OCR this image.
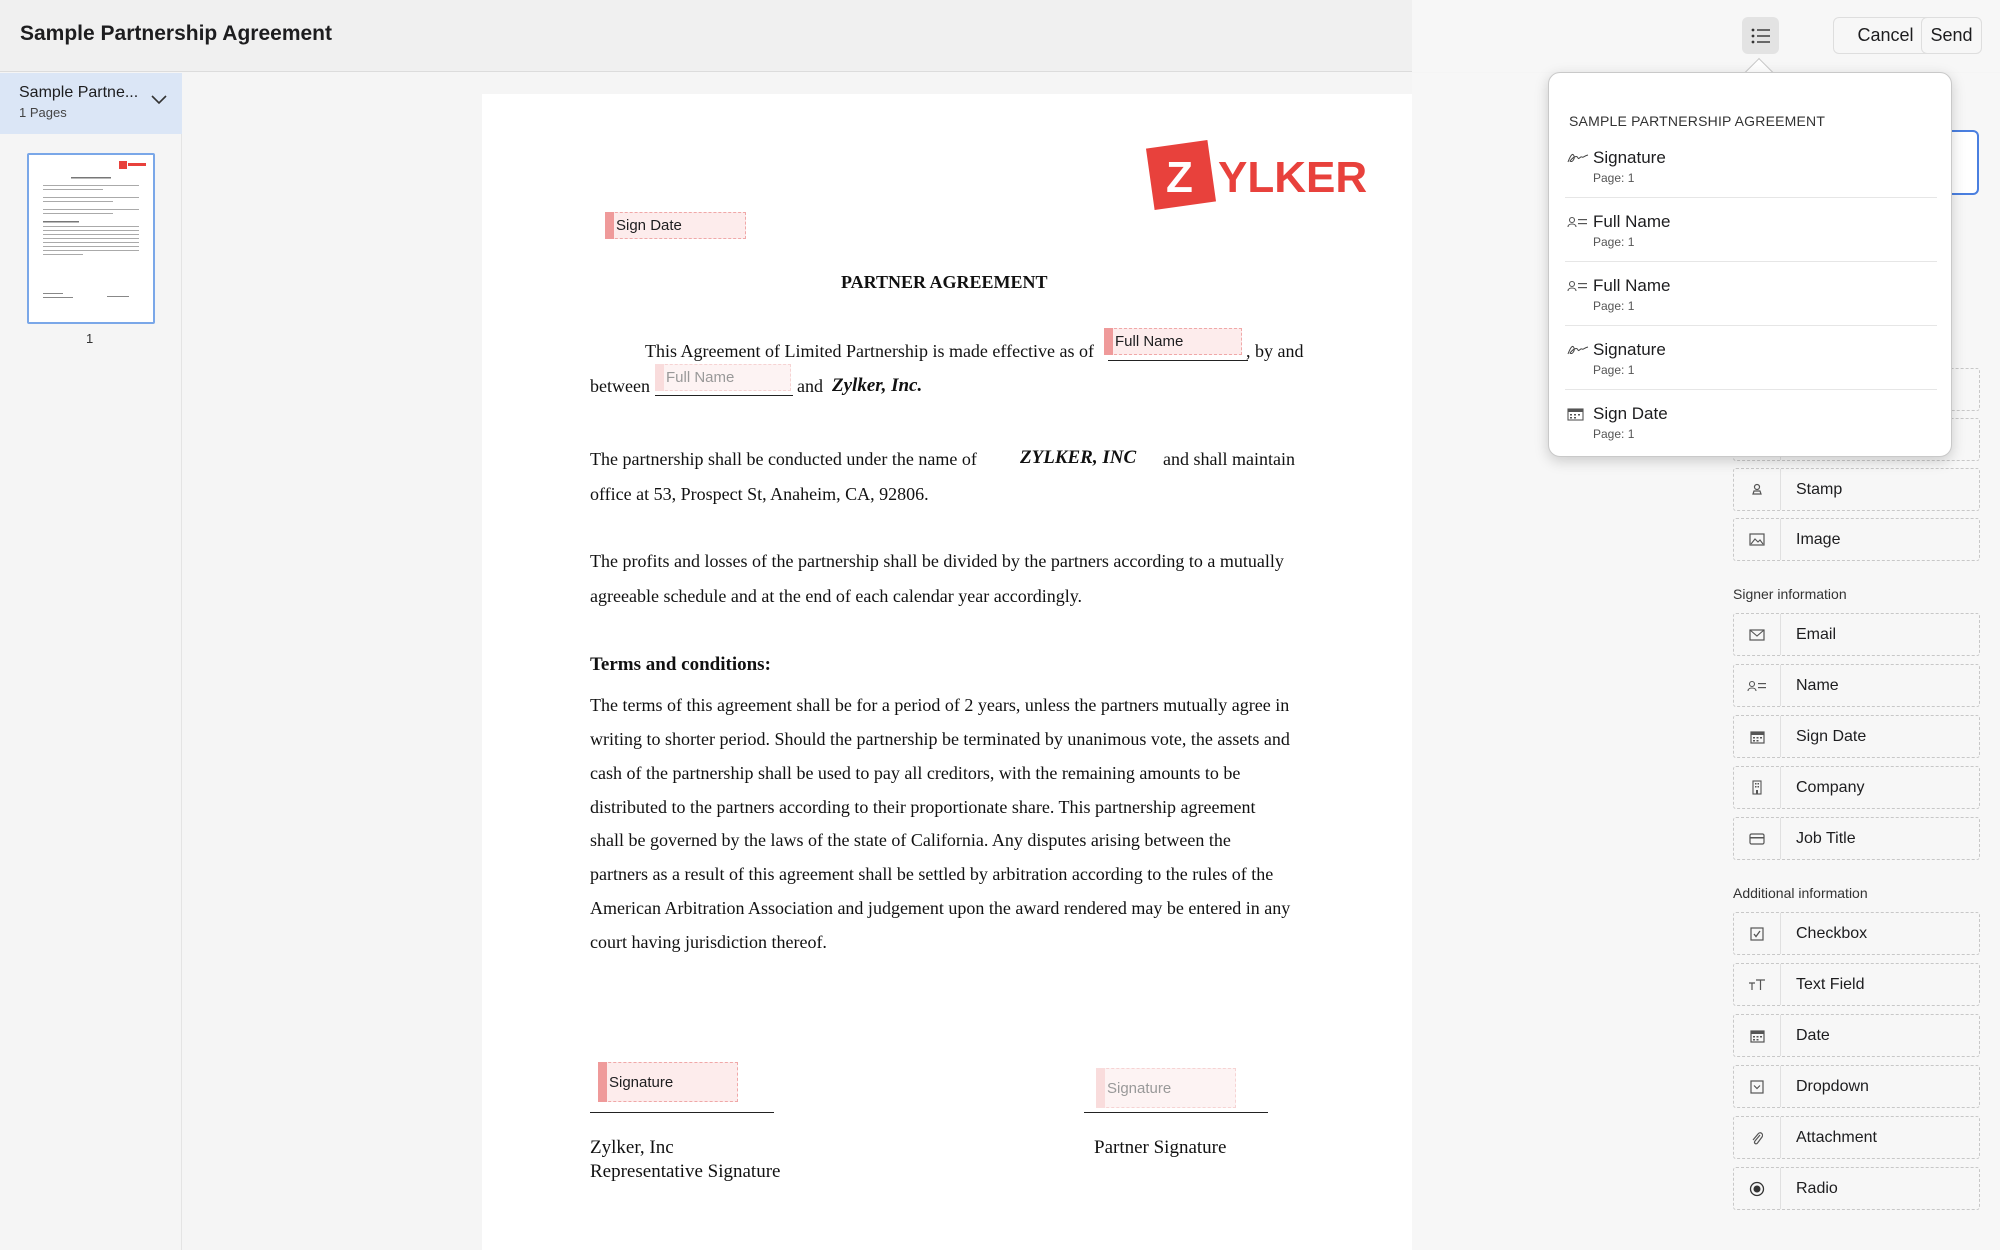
Sample Partnership Agreement	Cancel Send
Sample Partne...
1 Pages
1
Z YLKER
Sign Date
PARTNER AGREEMENT
This Agreement of Limited Partnership is made effective as of Full Name	, by and
between Full Name	and Zylker, Inc.
The partnership shall be conducted under the name of ZYLKER, INC and shall maintain
office at 53, Prospect St, Anaheim, CA, 92806.
The profits and losses of the partnership shall be divided by the partners according to a mutually
agreeable schedule and at the end of each calendar year accordingly.
Terms and conditions:
The terms of this agreement shall be for a period of 2 years, unless the partners mutually agree in
writing to shorter period. Should the partnership be terminated by unanimous vote, the assets and
cash of the partnership shall be used to pay all creditors, with the remaining amounts to be
distributed to the partners according to their proportionate share. This partnership agreement
shall be governed by the laws of the state of California. Any disputes arising between the
partners as a result of this agreement shall be settled by arbitration according to the rules of the
American Arbitration Association and judgement upon the award rendered may be entered in any
court having jurisdiction thereof.
Signature
Zylker, Inc
Representative Signature
Signature
Partner Signature
Stamp
Image
Signer information
Email
Name
Sign Date
Company
Job Title
Additional information
Checkbox
Text Field
Date
Dropdown
Attachment
Radio
SAMPLE PARTNERSHIP AGREEMENT
Signature
Page: 1
Full Name
Page: 1
Full Name
Page: 1
Signature
Page: 1
Sign Date
Page: 1
